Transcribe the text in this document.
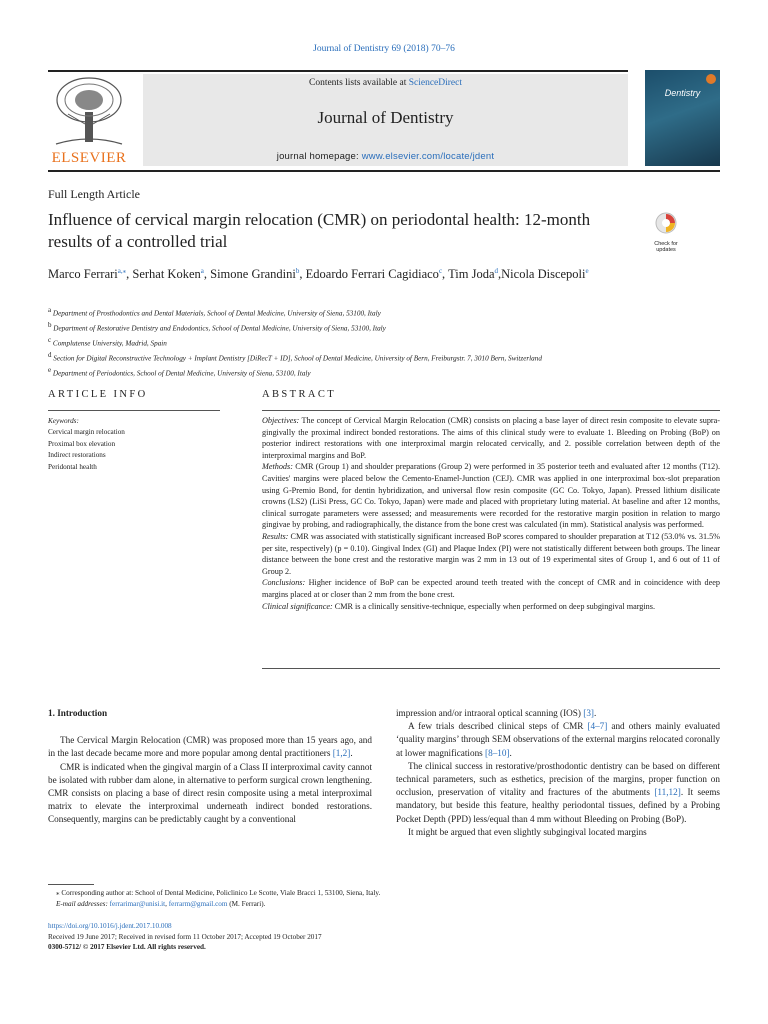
Journal of Dentistry 69 (2018) 70–76
ELSEVIER
Contents lists available at ScienceDirect
Journal of Dentistry
journal homepage: www.elsevier.com/locate/jdent
Dentistry
Full Length Article
Influence of cervical margin relocation (CMR) on periodontal health: 12-month results of a controlled trial	Check for updates
Marco Ferrari$^{a,⁎}$, Serhat Koken$^a$, Simone Grandini$^b$, Edoardo Ferrari Cagidiaco$^c$, Tim Joda$^d$,Nicola Discepoli$^e$
$^a$ Department of Prosthodontics and Dental Materials, School of Dental Medicine, University of Siena, 53100, Italy
$^b$ Department of Restorative Dentistry and Endodontics, School of Dental Medicine, University of Siena, 53100, Italy
$^c$ Complutense University, Madrid, Spain
$^d$ Section for Digital Reconstructive Technology + Implant Dentistry [DiRecT + ID], School of Dental Medicine, University of Bern, Freiburgstr. 7, 3010 Bern, Switzerland
$^e$ Department of Periodontics, School of Dental Medicine, University of Siena, 53100, Italy
ARTICLE INFO
Keywords:
Cervical margin relocation
Proximal box elevation
Indirect restorations
Peridontal health
ABSTRACT

Objectives: The concept of Cervical Margin Relocation (CMR) consists on placing a base layer of direct resin composite to elevate supra-gingivally the proximal indirect bonded restorations. The aims of this clinical study were to evaluate 1. Bleeding on Probing (BoP) on posterior indirect restorations with one interproximal margin relocated cervically, and 2. possible correlation between depth of the interproximal margins and BoP.

Methods: CMR (Group 1) and shoulder preparations (Group 2) were performed in 35 posterior teeth and evaluated after 12 months (T12). Cavities' margins were placed below the Cemento-Enamel-Junction (CEJ). CMR was applied in one interproximal box-slot preparation using G-Premio Bond, for dentin hybridization, and universal flow resin composite (GC Co. Tokyo, Japan). Pressed lithium disilicate crowns (LS2) (LiSi Press, GC Co. Tokyo, Japan) were made and placed with proprietary luting material. At baseline and after 12 months, clinical surrogate parameters were assessed; and measurements were recorded for the restorative margin position in relation to margo gingivae by probing, and radiographically, the distance from the bone crest was calculated (in mm). Statistical analysis was performed.

Results: CMR was associated with statistically significant increased BoP scores compared to shoulder preparation at T12 (53.0% vs. 31.5% per site, respectively) (p = 0.10). Gingival Index (GI) and Plaque Index (PI) were not statistically different between both groups. The linear distance between the bone crest and the restorative margin was 2 mm in 13 out of 19 experimental sites of Group 1, and 6 out of 11 of Group 2.

Conclusions: Higher incidence of BoP can be expected around teeth treated with the concept of CMR and in coincidence with deep margins placed at or closer than 2 mm from the bone crest.

Clinical significance: CMR is a clinically sensitive-technique, especially when performed on deep subgingival margins.

1. Introduction

The Cervical Margin Relocation (CMR) was proposed more than 15 years ago, and in the last decade became more and more popular among dental practitioners [1,2].

CMR is indicated when the gingival margin of a Class II interproximal cavity cannot be isolated with rubber dam alone, in alternative to perform surgical crown lengthening. CMR consists on placing a base of direct resin composite using a metal interproximal matrix to elevate the interproximal underneath indirect bonded restorations. Consequently, margins can be predictably caught by a conventional

impression and/or intraoral optical scanning (IOS) [3].

A few trials described clinical steps of CMR [4–7] and others mainly evaluated ‘quality margins’ through SEM observations of the external margins relocated coronally at lower magnifications [8–10].

The clinical success in restorative/prosthodontic dentistry can be based on different technical parameters, such as esthetics, precision of the margins, proper function on occlusion, preservation of vitality and fractures of the abutments [11,12]. It seems mandatory, but beside this feature, healthy periodontal tissues, defined by a Probing Pocket Depth (PPD) less/equal than 4 mm without Bleeding on Probing (BoP).

It might be argued that even slightly subgingival located margins

⁎ Corresponding author at: School of Dental Medicine, Policlinico Le Scotte, Viale Bracci 1, 53100, Siena, Italy.
E-mail addresses: ferrarimar@unisi.it, ferrarm@gmail.com (M. Ferrari).
https://doi.org/10.1016/j.jdent.2017.10.008
Received 19 June 2017; Received in revised form 11 October 2017; Accepted 19 October 2017
0300-5712/ © 2017 Elsevier Ltd. All rights reserved.
